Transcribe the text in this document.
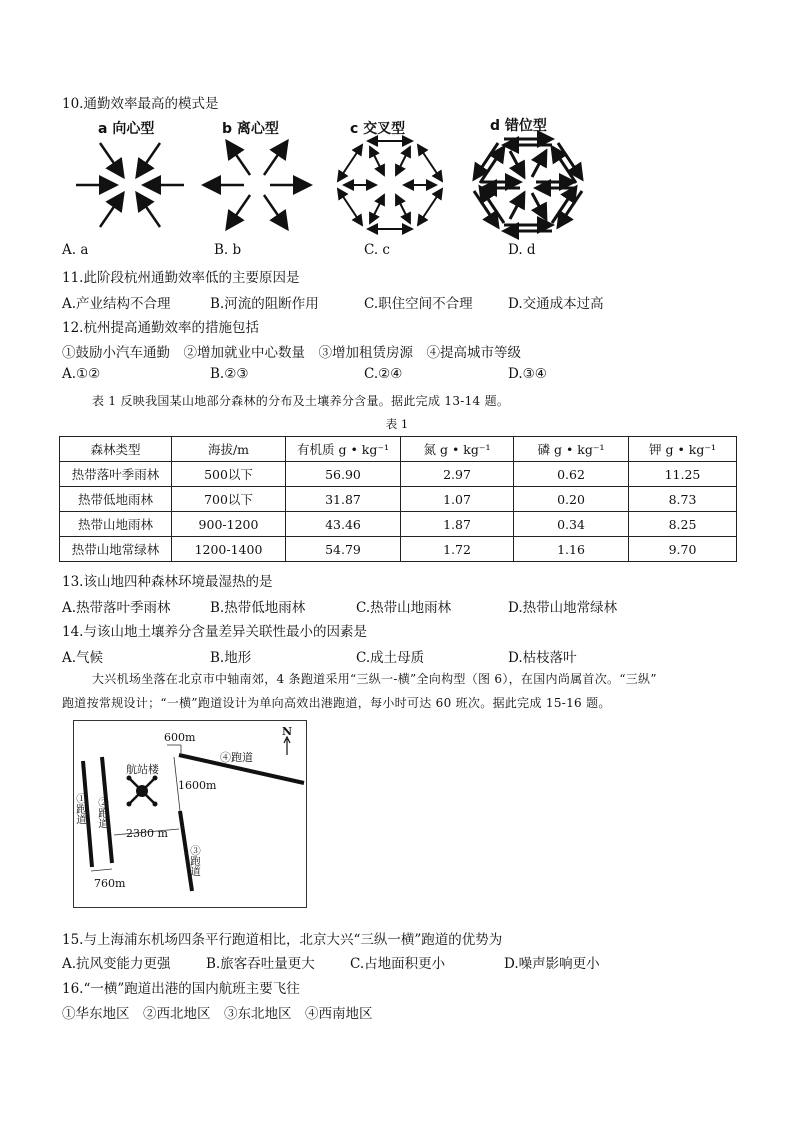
10.通勤效率最高的模式是
a 向心型	b 离心型	c 交叉型	d 错位型
A. a	B. b	C. c	D. d
11.此阶段杭州通勤效率低的主要原因是
A.产业结构不合理	B.河流的阻断作用	C.职住空间不合理	D.交通成本过高
12.杭州提高通勤效率的措施包括
①鼓励小汽车通勤　②增加就业中心数量　③增加租赁房源　④提高城市等级
A.①②	B.②③	C.②④	D.③④
表 1 反映我国某山地部分森林的分布及土壤养分含量。据此完成 13-14 题。
表 1
森林类型	海拔/m	有机质 g • kg⁻¹	氮 g • kg⁻¹	磷 g • kg⁻¹	钾 g • kg⁻¹
热带落叶季雨林	500以下	56.90	2.97	0.62	11.25
热带低地雨林	700以下	31.87	1.07	0.20	8.73
热带山地雨林	900-1200	43.46	1.87	0.34	8.25
热带山地常绿林	1200-1400	54.79	1.72	1.16	9.70
13.该山地四种森林环境最湿热的是
A.热带落叶季雨林	B.热带低地雨林	C.热带山地雨林	D.热带山地常绿林
14.与该山地土壤养分含量差异关联性最小的因素是
A.气候	B.地形	C.成土母质	D.枯枝落叶
大兴机场坐落在北京市中轴南郊，4 条跑道采用“三纵一-横”全向构型（图 6），在国内尚属首次。“三纵”
跑道按常规设计；“一横”跑道设计为单向高效出港跑道，每小时可达 60 班次。据此完成 15-16 题。
600m	N
④跑道
航站楼
1600m
2380 m
760m
①跑道 ②跑道
③跑道
15.与上海浦东机场四条平行跑道相比，北京大兴“三纵一横”跑道的优势为
A.抗风变能力更强	B.旅客吞吐量更大	C.占地面积更小	D.噪声影响更小
16.“一横”跑道出港的国内航班主要飞往
①华东地区　②西北地区　③东北地区　④西南地区
